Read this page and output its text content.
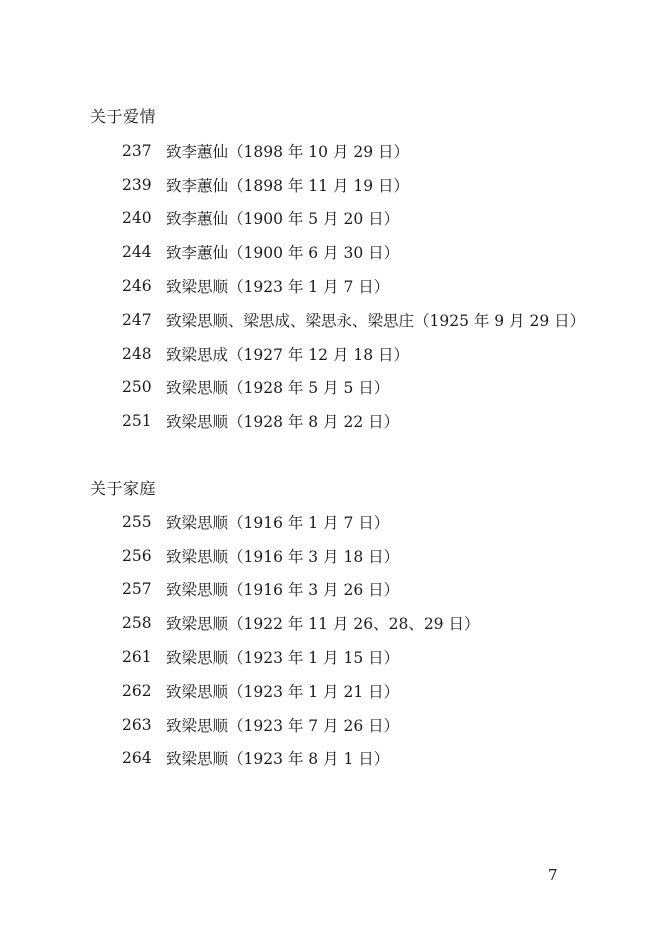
关于爱情
237 致李蕙仙（1898 年 10 月 29 日）
239 致李蕙仙（1898 年 11 月 19 日）
240 致李蕙仙（1900 年 5 月 20 日）
244 致李蕙仙（1900 年 6 月 30 日）
246 致梁思顺（1923 年 1 月 7 日）
247 致梁思顺、梁思成、梁思永、梁思庄（1925 年 9 月 29 日）
248 致梁思成（1927 年 12 月 18 日）
250 致梁思顺（1928 年 5 月 5 日）
251 致梁思顺（1928 年 8 月 22 日）
关于家庭
255 致梁思顺（1916 年 1 月 7 日）
256 致梁思顺（1916 年 3 月 18 日）
257 致梁思顺（1916 年 3 月 26 日）
258 致梁思顺（1922 年 11 月 26、28、29 日）
261 致梁思顺（1923 年 1 月 15 日）
262 致梁思顺（1923 年 1 月 21 日）
263 致梁思顺（1923 年 7 月 26 日）
264 致梁思顺（1923 年 8 月 1 日）
7
